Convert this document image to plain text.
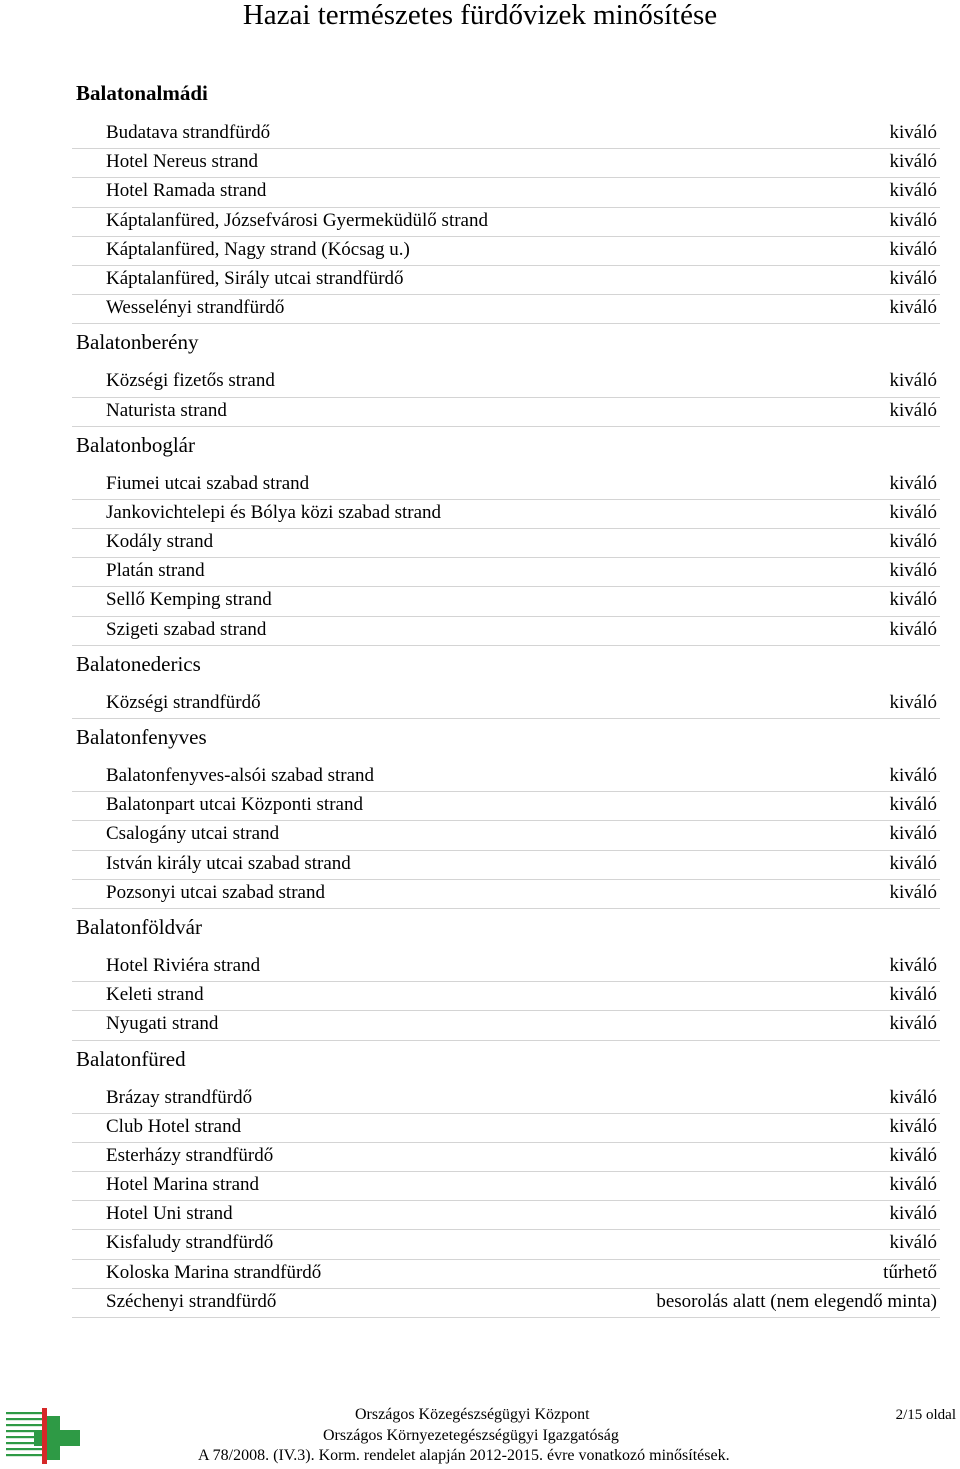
Hazai természetes fürdővizek minősítése
Balatonalmádi
Budatava strandfürdő	kiváló
Hotel Nereus strand	kiváló
Hotel Ramada strand	kiváló
Káptalanfüred, Józsefvárosi Gyermeküdülő strand	kiváló
Káptalanfüred, Nagy strand (Kócsag u.)	kiváló
Káptalanfüred, Sirály utcai strandfürdő	kiváló
Wesselényi strandfürdő	kiváló
Balatonberény
Községi fizetős strand	kiváló
Naturista strand	kiváló
Balatonboglár
Fiumei utcai szabad strand	kiváló
Jankovichtelepi és Bólya közi szabad strand	kiváló
Kodály strand	kiváló
Platán strand	kiváló
Sellő Kemping strand	kiváló
Szigeti szabad strand	kiváló
Balatonederics
Községi strandfürdő	kiváló
Balatonfenyves
Balatonfenyves-alsói szabad strand	kiváló
Balatonpart utcai Központi strand	kiváló
Csalogány utcai strand	kiváló
István király utcai szabad strand	kiváló
Pozsonyi utcai szabad strand	kiváló
Balatonföldvár
Hotel Riviéra strand	kiváló
Keleti strand	kiváló
Nyugati strand	kiváló
Balatonfüred
Brázay strandfürdő	kiváló
Club Hotel strand	kiváló
Esterházy strandfürdő	kiváló
Hotel Marina strand	kiváló
Hotel Uni strand	kiváló
Kisfaludy strandfürdő	kiváló
Koloska Marina strandfürdő	tűrhető
Széchenyi strandfürdő	besorolás alatt (nem elegendő minta)
Országos Közegészségügyi Központ
Országos Környezetegészségügyi Igazgatóság
A 78/2008. (IV.3). Korm. rendelet alapján 2012-2015. évre vonatkozó minősítések.
2/15 oldal
